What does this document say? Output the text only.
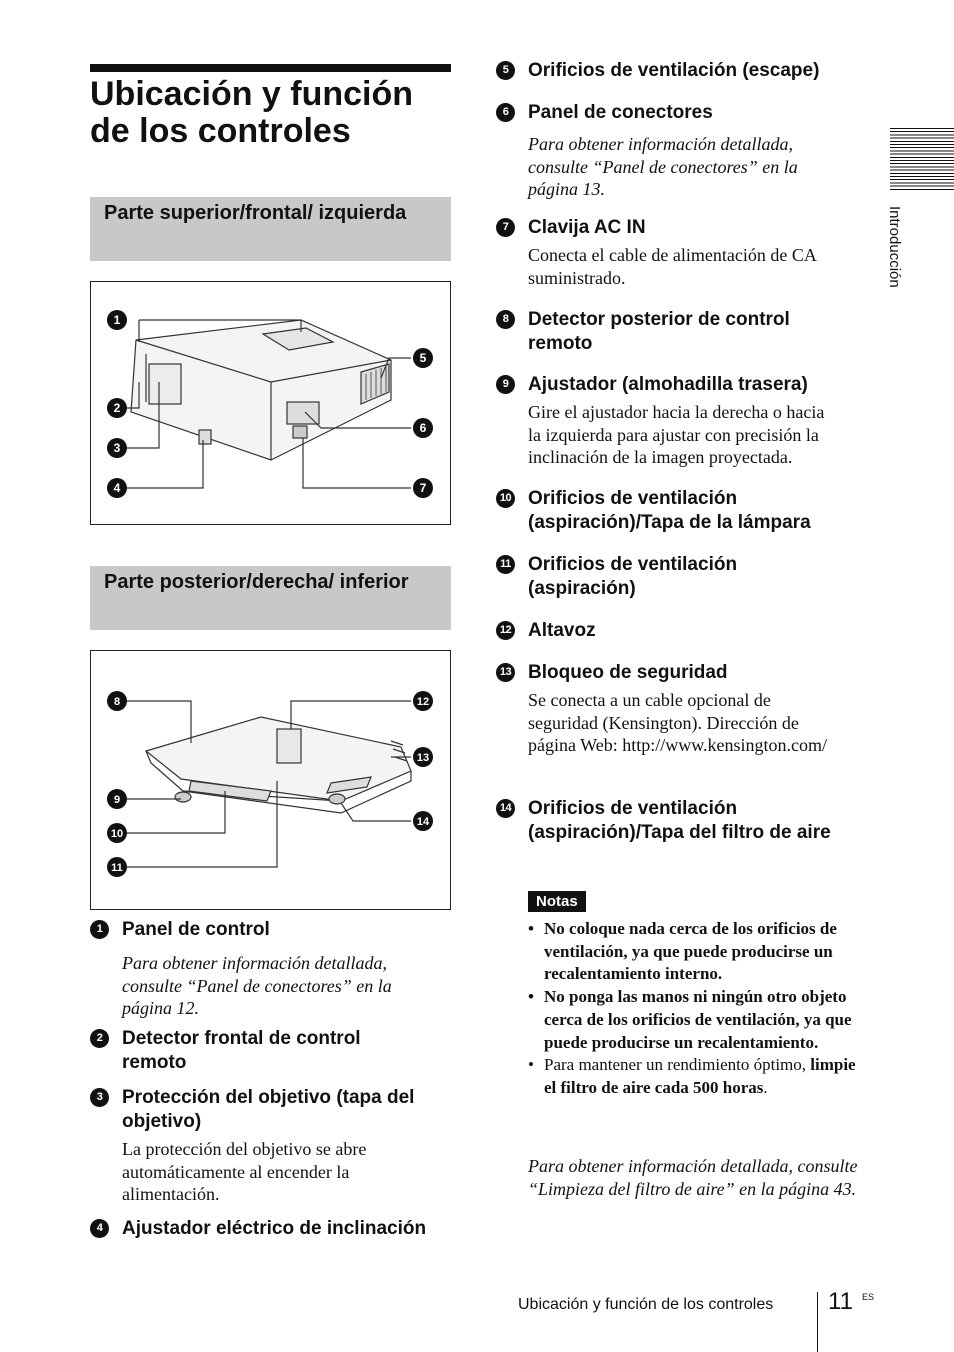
Ubicación y función de los controles
Parte superior/frontal/ izquierda
1
2
3
4
5
6
7
Parte posterior/derecha/ inferior
8
9
10
11
12
13
14
1	Panel de control
Para obtener información detallada, consulte “Panel de conectores” en la página 12.
2	Detector frontal de control remoto
3	Protección del objetivo (tapa del objetivo)
La protección del objetivo se abre automáticamente al encender la alimentación.
4	Ajustador eléctrico de inclinación
5	Orificios de ventilación (escape)
6	Panel de conectores
Para obtener información detallada, consulte “Panel de conectores” en la página 13.
7	Clavija AC IN
Conecta el cable de alimentación de CA suministrado.
8	Detector posterior de control remoto
9	Ajustador (almohadilla trasera)
Gire el ajustador hacia la derecha o hacia la izquierda para ajustar con precisión la inclinación de la imagen proyectada.
10 Orificios de ventilación (aspiración)/Tapa de la lámpara
11 Orificios de ventilación (aspiración)
12 Altavoz
13 Bloqueo de seguridad
Se conecta a un cable opcional de seguridad (Kensington). Dirección de página Web: http://www.kensington.com/
14 Orificios de ventilación (aspiración)/Tapa del filtro de aire
Notas
• No coloque nada cerca de los orificios de ventilación, ya que puede producirse un recalentamiento interno.
• No ponga las manos ni ningún otro objeto cerca de los orificios de ventilación, ya que puede producirse un recalentamiento.
• Para mantener un rendimiento óptimo, limpie el filtro de aire cada 500 horas.
Para obtener información detallada, consulte “Limpieza del filtro de aire” en la página 43.
Introducción
Ubicación y función de los controles 11 ES
